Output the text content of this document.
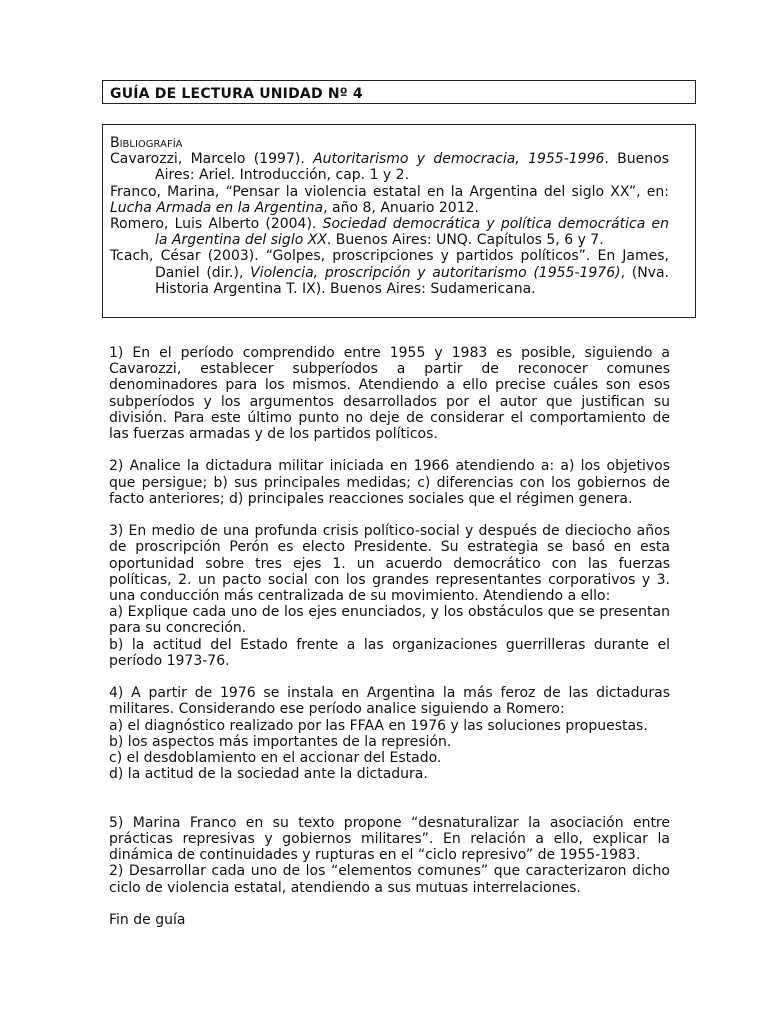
GUÍA DE LECTURA UNIDAD Nº 4
Bibliografía
Cavarozzi, Marcelo (1997). Autoritarismo y democracia, 1955-1996. Buenos Aires: Ariel. Introducción, cap. 1 y 2.
Franco, Marina, “Pensar la violencia estatal en la Argentina del siglo XX”, en: Lucha Armada en la Argentina, año 8, Anuario 2012.
Romero, Luis Alberto (2004). Sociedad democrática y política democrática en la Argentina del siglo XX. Buenos Aires: UNQ. Capítulos 5, 6 y 7.
Tcach, César (2003). “Golpes, proscripciones y partidos políticos”. En James, Daniel (dir.), Violencia, proscripción y autoritarismo (1955-1976), (Nva. Historia Argentina T. IX). Buenos Aires: Sudamericana.

1) En el período comprendido entre 1955 y 1983 es posible, siguiendo a Cavarozzi, establecer subperíodos a partir de reconocer comunes denominadores para los mismos. Atendiendo a ello precise cuáles son esos subperíodos y los argumentos desarrollados por el autor que justifican su división. Para este último punto no deje de considerar el comportamiento de las fuerzas armadas y de los partidos políticos.

2) Analice la dictadura militar iniciada en 1966 atendiendo a: a) los objetivos que persigue; b) sus principales medidas; c) diferencias con los gobiernos de facto anteriores; d) principales reacciones sociales que el régimen genera.

3) En medio de una profunda crisis político-social y después de dieciocho años de proscripción Perón es electo Presidente. Su estrategia se basó en esta oportunidad sobre tres ejes 1. un acuerdo democrático con las fuerzas políticas, 2. un pacto social con los grandes representantes corporativos y 3. una conducción más centralizada de su movimiento. Atendiendo a ello:
a) Explique cada uno de los ejes enunciados, y los obstáculos que se presentan para su concreción.
b) la actitud del Estado frente a las organizaciones guerrilleras durante el período 1973-76.
4) A partir de 1976 se instala en Argentina la más feroz de las dictaduras militares. Considerando ese período analice siguiendo a Romero:
a) el diagnóstico realizado por las FFAA en 1976 y las soluciones propuestas.
b) los aspectos más importantes de la represión.
c) el desdoblamiento en el accionar del Estado.
d) la actitud de la sociedad ante la dictadura.
5) Marina Franco en su texto propone “desnaturalizar la asociación entre prácticas represivas y gobiernos militares”. En relación a ello, explicar la dinámica de continuidades y rupturas en el “ciclo represivo” de 1955-1983.
2) Desarrollar cada uno de los “elementos comunes” que caracterizaron dicho ciclo de violencia estatal, atendiendo a sus mutuas interrelaciones.

Fin de guía
